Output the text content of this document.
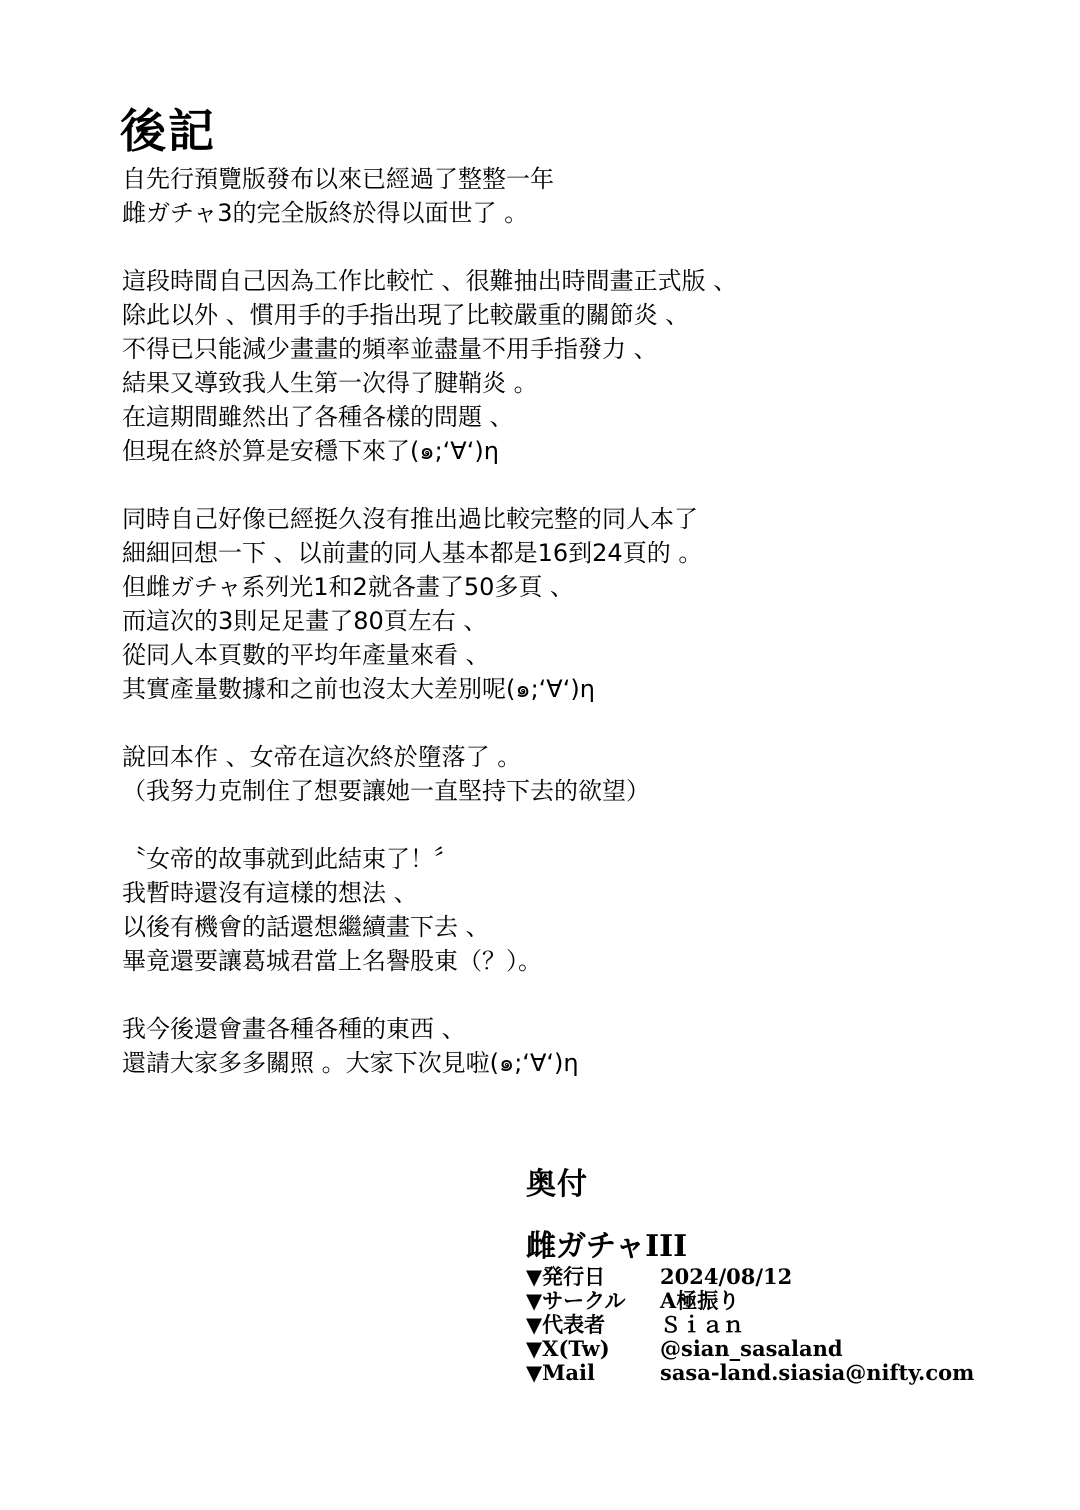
後記
自先行預覽版發布以來已經過了整整一年
雌ガチャ3的完全版終於得以面世了 。
這段時間自己因為工作比較忙 、很難抽出時間畫正式版 、
除此以外 、慣用手的手指出現了比較嚴重的關節炎 、
不得已只能減少畫畫的頻率並盡量不用手指發力 、
結果又導致我人生第一次得了腱鞘炎 。
在這期間雖然出了各種各樣的問題 、
但現在終於算是安穩下來了(๑;‘∀‘)η
同時自己好像已經挺久沒有推出過比較完整的同人本了
細細回想一下 、以前畫的同人基本都是16到24頁的 。
但雌ガチャ系列光1和2就各畫了50多頁 、
而這次的3則足足畫了80頁左右 、
從同人本頁數的平均年產量來看 、
其實產量數據和之前也沒太大差別呢(๑;‘∀‘)η
說回本作 、女帝在這次終於墮落了 。
（我努力克制住了想要讓她一直堅持下去的欲望）
〝女帝的故事就到此結束了！〞
我暫時還沒有這樣的想法 、
以後有機會的話還想繼續畫下去 、
畢竟還要讓葛城君當上名譽股東（？）。
我今後還會畫各種各種的東西 、
還請大家多多關照 。大家下次見啦(๑;‘∀‘)η
奥付
雌ガチャIII
▼発行日	2024/08/12
▼サークル	A極振り
▼代表者	Ｓｉａｎ
▼X(Tw)	@sian_sasaland
▼Mail	sasa-land.siasia@nifty.com
